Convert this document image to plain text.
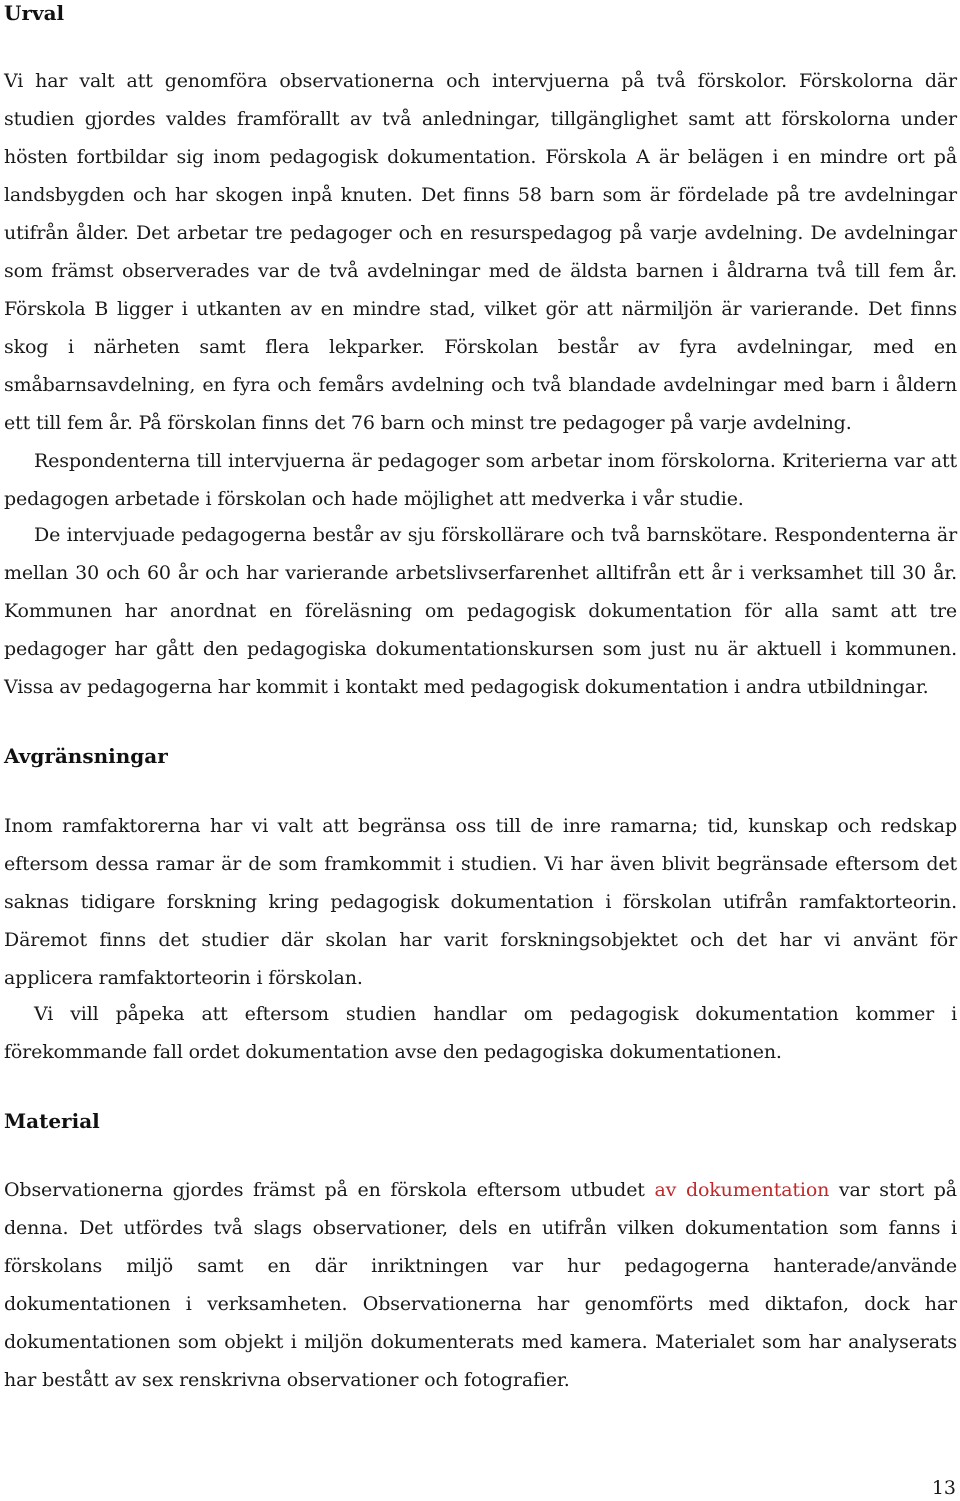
Urval

Vi har valt att genomföra observationerna och intervjuerna på två förskolor. Förskolorna där studien gjordes valdes framförallt av två anledningar, tillgänglighet samt att förskolorna under hösten fortbildar sig inom pedagogisk dokumentation. Förskola A är belägen i en mindre ort på landsbygden och har skogen inpå knuten. Det finns 58 barn som är fördelade på tre avdelningar utifrån ålder. Det arbetar tre pedagoger och en resurspedagog på varje avdelning. De avdelningar som främst observerades var de två avdelningar med de äldsta barnen i åldrarna två till fem år. Förskola B ligger i utkanten av en mindre stad, vilket gör att närmiljön är varierande. Det finns skog i närheten samt flera lekparker. Förskolan består av fyra avdelningar, med en småbarnsavdelning, en fyra och femårs avdelning och två blandade avdelningar med barn i åldern ett till fem år. På förskolan finns det 76 barn och minst tre pedagoger på varje avdelning.

Respondenterna till intervjuerna är pedagoger som arbetar inom förskolorna. Kriterierna var att pedagogen arbetade i förskolan och hade möjlighet att medverka i vår studie.

De intervjuade pedagogerna består av sju förskollärare och två barnskötare. Respondenterna är mellan 30 och 60 år och har varierande arbetslivserfarenhet alltifrån ett år i verksamhet till 30 år. Kommunen har anordnat en föreläsning om pedagogisk dokumentation för alla samt att tre pedagoger har gått den pedagogiska dokumentationskursen som just nu är aktuell i kommunen. Vissa av pedagogerna har kommit i kontakt med pedagogisk dokumentation i andra utbildningar.

Avgränsningar

Inom ramfaktorerna har vi valt att begränsa oss till de inre ramarna; tid, kunskap och redskap eftersom dessa ramar är de som framkommit i studien. Vi har även blivit begränsade eftersom det saknas tidigare forskning kring pedagogisk dokumentation i förskolan utifrån ramfaktorteorin. Däremot finns det studier där skolan har varit forskningsobjektet och det har vi använt för applicera ramfaktorteorin i förskolan.

Vi vill påpeka att eftersom studien handlar om pedagogisk dokumentation kommer i förekommande fall ordet dokumentation avse den pedagogiska dokumentationen.

Material

Observationerna gjordes främst på en förskola eftersom utbudet av dokumentation var stort på denna. Det utfördes två slags observationer, dels en utifrån vilken dokumentation som fanns i förskolans miljö samt en där inriktningen var hur pedagogerna hanterade/använde dokumentationen i verksamheten. Observationerna har genomförts med diktafon, dock har dokumentationen som objekt i miljön dokumenterats med kamera. Materialet som har analyserats har bestått av sex renskrivna observationer och fotografier.

13
